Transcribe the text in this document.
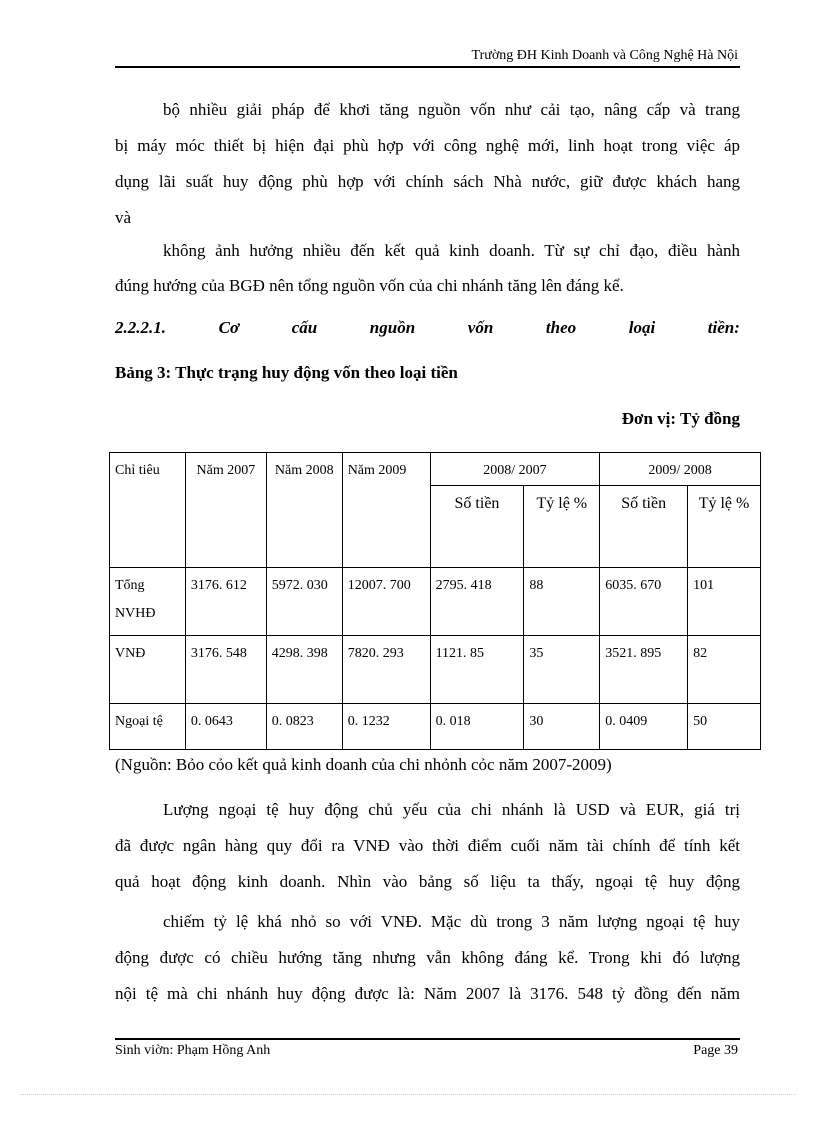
Trường ĐH Kinh Doanh và Công Nghệ Hà Nội

bộ nhiều giải pháp để khơi tăng nguồn vốn như cải tạo, nâng cấp và trang
bị máy móc thiết bị hiện đại phù hợp với công nghệ mới, linh hoạt trong việc áp
dụng lãi suất huy động phù hợp với chính sách Nhà nước, giữ được khách hang

và

không ảnh hưởng nhiều đến kết quả kinh doanh. Từ sự chỉ đạo, điều hành

đúng hướng của BGĐ nên tổng nguồn vốn của chi nhánh tăng lên đáng kể.

2.2.2.1.	Cơ	cấu	nguồn	vốn	theo	loại	tiền:
Bảng 3: Thực trạng huy động vốn theo loại tiền
Đơn vị: Tỷ đồng
Chỉ tiêu	Năm 2007	Năm 2008	Năm 2009	2008/ 2007		2009/ 2008	
				Số tiền	Tỷ lệ %	Số tiền	Tỷ lệ %
Tổng NVHĐ	3176. 612	5972. 030	12007. 700	2795. 418	88	6035. 670	101
VNĐ	3176. 548	4298. 398	7820. 293	1121. 85	35	3521. 895	82
Ngoại tệ	0. 0643	0. 0823	0. 1232	0. 018	30	0. 0409	50
(Nguồn: Bỏo cỏo kết quả kinh doanh của chi nhỏnh cỏc năm 2007-2009)

Lượng ngoại tệ huy động chủ yếu của chi nhánh là USD và EUR, giá trị
đã được ngân hàng quy đổi ra VNĐ vào thời điểm cuối năm tài chính để tính kết
quả hoạt động kinh doanh. Nhìn vào bảng số liệu ta thấy, ngoại tệ huy động

chiếm tỷ lệ khá nhỏ so với VNĐ. Mặc dù trong 3 năm lượng ngoại tệ huy
động được có chiều hướng tăng nhưng vẫn không đáng kể. Trong khi đó lượng
nội tệ mà chi nhánh huy động được là: Năm 2007 là 3176. 548 tỷ đồng đến năm

Sinh viờn: Phạm Hồng Anh	Page 39
